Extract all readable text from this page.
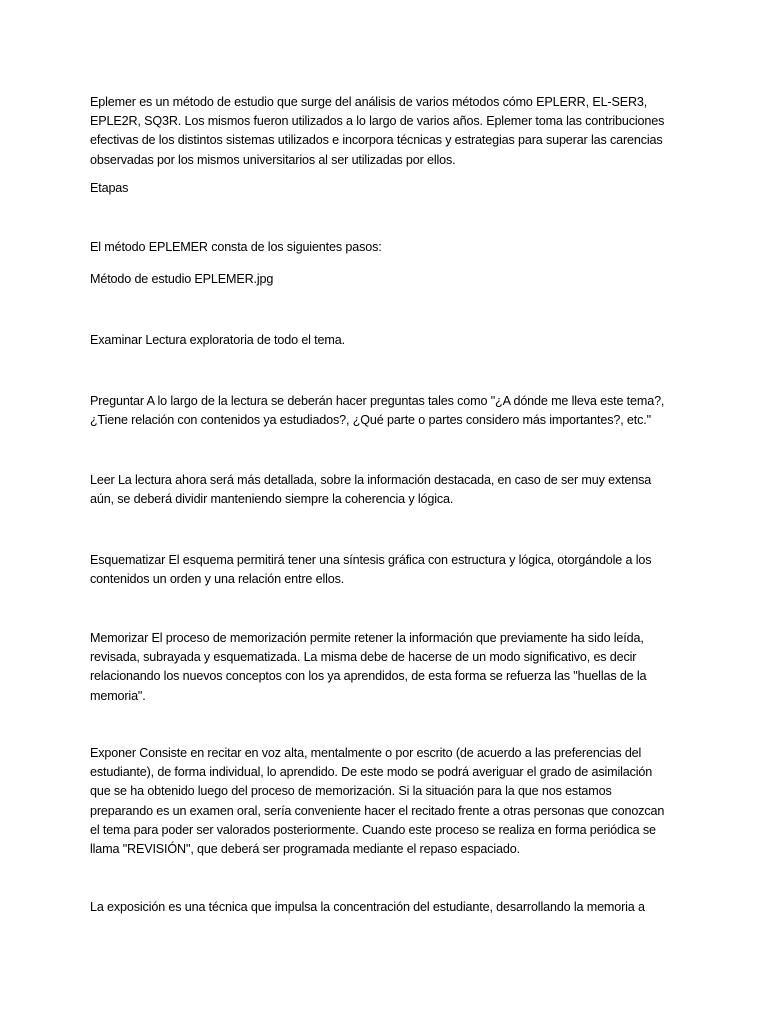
Eplemer es un método de estudio que surge del análisis de varios métodos cómo EPLERR, EL-SER3,
EPLE2R, SQ3R. Los mismos fueron utilizados a lo largo de varios años. Eplemer toma las contribuciones
efectivas de los distintos sistemas utilizados e incorpora técnicas y estrategias para superar las carencias
observadas por los mismos universitarios al ser utilizadas por ellos.

Etapas

El método EPLEMER consta de los siguientes pasos:

Método de estudio EPLEMER.jpg

Examinar Lectura exploratoria de todo el tema.

Preguntar A lo largo de la lectura se deberán hacer preguntas tales como "¿A dónde me lleva este tema?,
¿Tiene relación con contenidos ya estudiados?, ¿Qué parte o partes considero más importantes?, etc."

Leer La lectura ahora será más detallada, sobre la información destacada, en caso de ser muy extensa
aún, se deberá dividir manteniendo siempre la coherencia y lógica.

Esquematizar El esquema permitirá tener una síntesis gráfica con estructura y lógica, otorgándole a los
contenidos un orden y una relación entre ellos.

Memorizar El proceso de memorización permite retener la información que previamente ha sido leída,
revisada, subrayada y esquematizada. La misma debe de hacerse de un modo significativo, es decir
relacionando los nuevos conceptos con los ya aprendidos, de esta forma se refuerza las "huellas de la
memoria".

Exponer Consiste en recitar en voz alta, mentalmente o por escrito (de acuerdo a las preferencias del
estudiante), de forma individual, lo aprendido. De este modo se podrá averiguar el grado de asimilación
que se ha obtenido luego del proceso de memorización. Si la situación para la que nos estamos
preparando es un examen oral, sería conveniente hacer el recitado frente a otras personas que conozcan
el tema para poder ser valorados posteriormente. Cuando este proceso se realiza en forma periódica se
llama "REVISIÓN", que deberá ser programada mediante el repaso espaciado.

La exposición es una técnica que impulsa la concentración del estudiante, desarrollando la memoria a
